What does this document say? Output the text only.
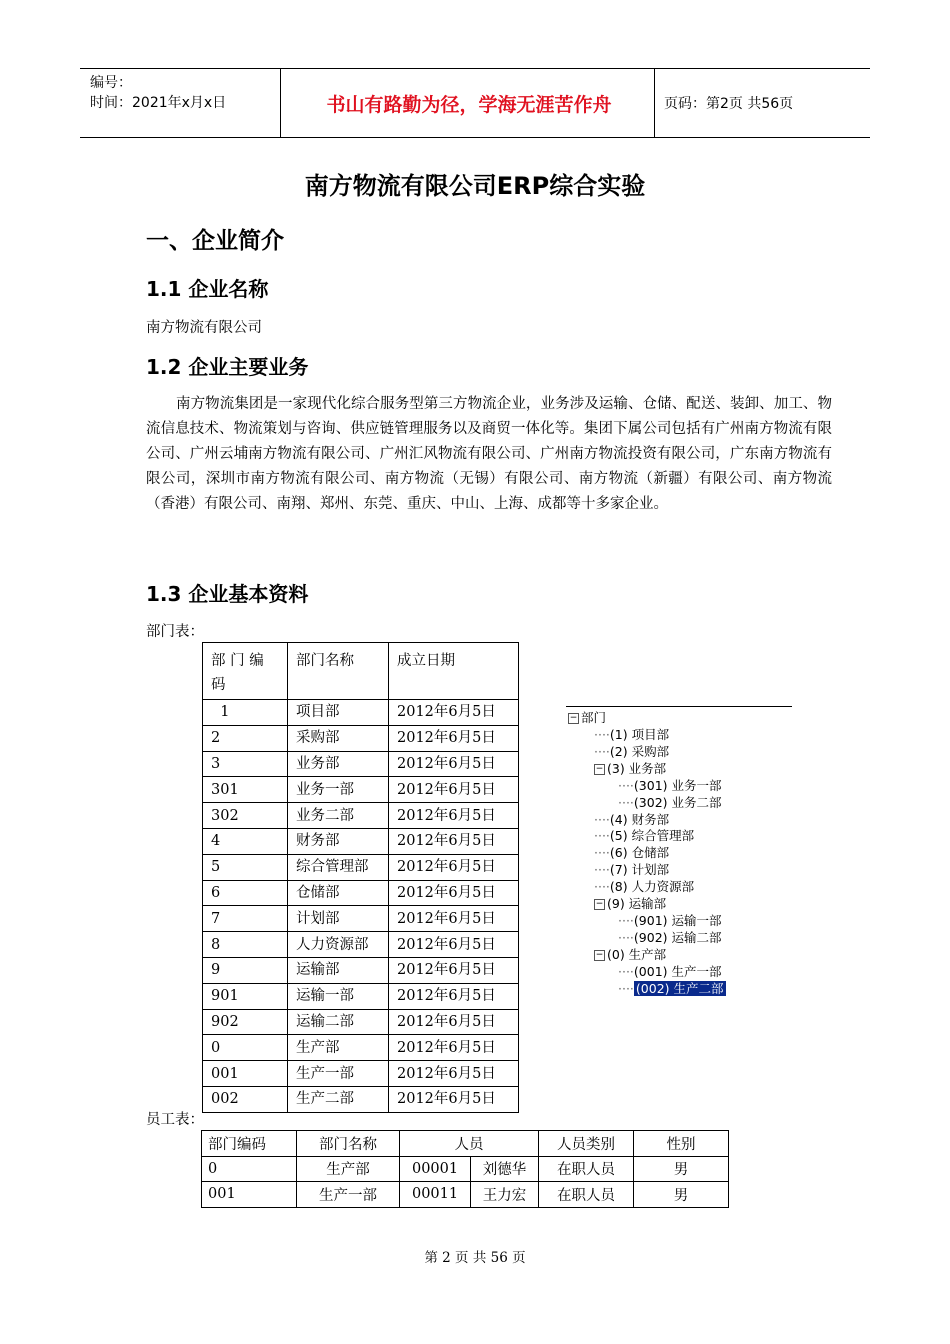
编号：
时间：2021年x月x日	书山有路勤为径，学海无涯苦作舟	页码：第2页 共56页
南方物流有限公司ERP综合实验
一、企业简介
1.1 企业名称
南方物流有限公司
1.2 企业主要业务
南方物流集团是一家现代化综合服务型第三方物流企业，业务涉及运输、仓储、配送、装卸、加工、物流信息技术、物流策划与咨询、供应链管理服务以及商贸一体化等。集团下属公司包括有广州南方物流有限公司、广州云埔南方物流有限公司、广州汇风物流有限公司、广州南方物流投资有限公司，广东南方物流有限公司，深圳市南方物流有限公司、南方物流（无锡）有限公司、南方物流（新疆）有限公司、南方物流（香港）有限公司、南翔、郑州、东莞、重庆、中山、上海、成都等十多家企业。
1.3 企业基本资料
部门表：
部 门 编 码	部门名称	成立日期
1	项目部	2012年6月5日
2	采购部	2012年6月5日
3	业务部	2012年6月5日
301	业务一部	2012年6月5日
302	业务二部	2012年6月5日
4	财务部	2012年6月5日
5	综合管理部	2012年6月5日
6	仓储部	2012年6月5日
7	计划部	2012年6月5日
8	人力资源部	2012年6月5日
9	运输部	2012年6月5日
901	运输一部	2012年6月5日
902	运输二部	2012年6月5日
0	生产部	2012年6月5日
001	生产一部	2012年6月5日
002	生产二部	2012年6月5日
− 部门
····(1) 项目部
····(2) 采购部
− (3) 业务部
····(301) 业务一部
····(302) 业务二部
····(4) 财务部
····(5) 综合管理部
····(6) 仓储部
····(7) 计划部
····(8) 人力资源部
− (9) 运输部
····(901) 运输一部
····(902) 运输二部
− (0) 生产部
····(001) 生产一部
···· (002) 生产二部
员工表：
部门编码	部门名称	人员		人员类别	性别
0	生产部	00001	刘德华	在职人员	男
001	生产一部	00011	王力宏	在职人员	男
第 2 页 共 56 页
